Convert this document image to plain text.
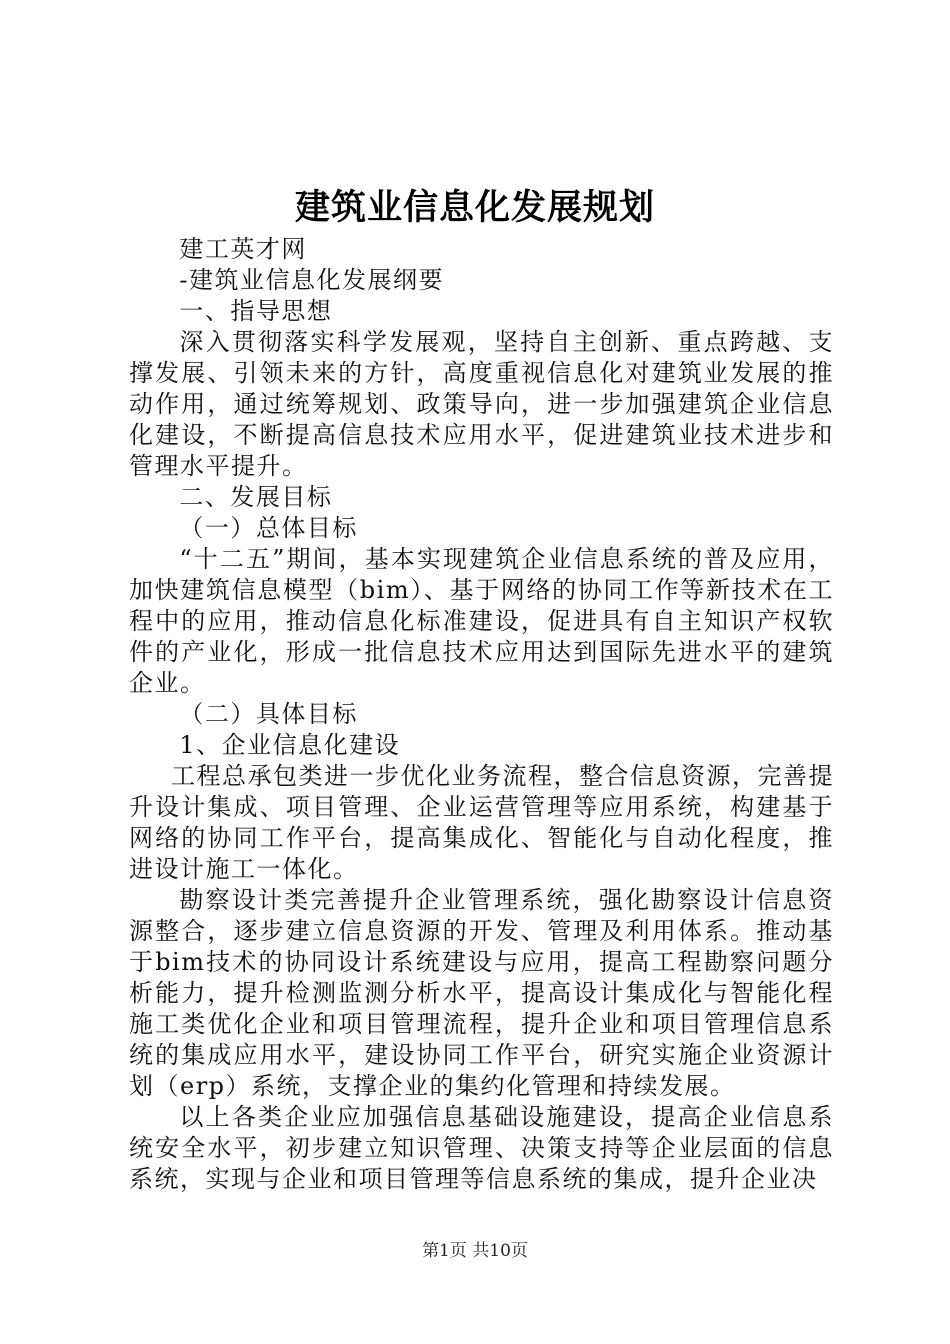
建筑业信息化发展规划

建工英才网

-建筑业信息化发展纲要

一、指导思想

深入贯彻落实科学发展观，坚持自主创新、重点跨越、支撑发展、引领未来的方针，高度重视信息化对建筑业发展的推动作用，通过统筹规划、政策导向，进一步加强建筑企业信息化建设，不断提高信息技术应用水平，促进建筑业技术进步和管理水平提升。

二、发展目标

（一）总体目标

“十二五”期间，基本实现建筑企业信息系统的普及应用，加快建筑信息模型（bim）、基于网络的协同工作等新技术在工程中的应用，推动信息化标准建设，促进具有自主知识产权软件的产业化，形成一批信息技术应用达到国际先进水平的建筑企业。

（二）具体目标

1、企业信息化建设

工程总承包类进一步优化业务流程，整合信息资源，完善提升设计集成、项目管理、企业运营管理等应用系统，构建基于网络的协同工作平台，提高集成化、智能化与自动化程度，推进设计施工一体化。

勘察设计类完善提升企业管理系统，强化勘察设计信息资源整合，逐步建立信息资源的开发、管理及利用体系。推动基于bim技术的协同设计系统建设与应用，提高工程勘察问题分析能力，提升检测监测分析水平，提高设计集成化与智能化程施工类优化企业和项目管理流程，提升企业和项目管理信息系统的集成应用水平，建设协同工作平台，研究实施企业资源计划（erp）系统，支撑企业的集约化管理和持续发展。

以上各类企业应加强信息基础设施建设，提高企业信息系统安全水平，初步建立知识管理、决策支持等企业层面的信息系统，实现与企业和项目管理等信息系统的集成，提升企业决

第1页 共10页
